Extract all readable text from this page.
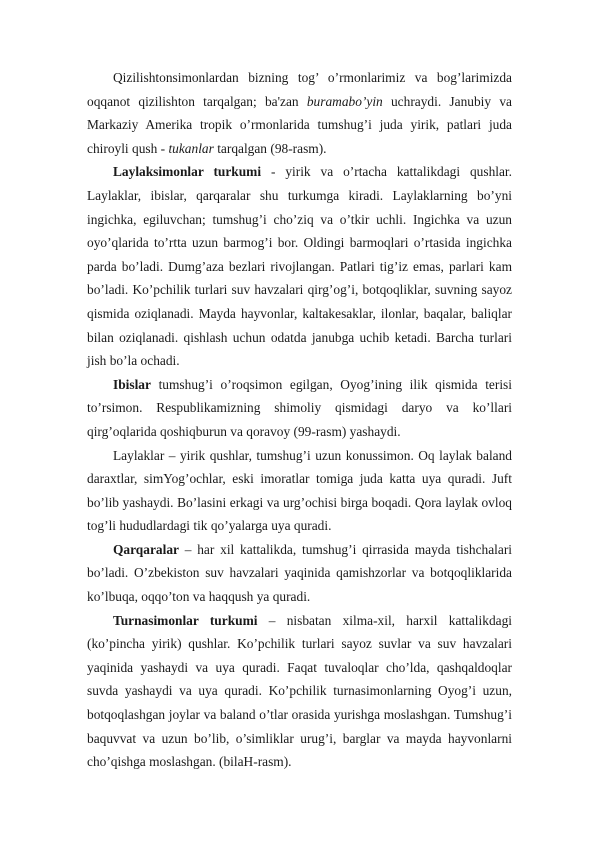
Qizilishtonsimonlardan bizning tog’ o’rmonlarimiz va bog’larimizda oqqanot qizilishton tarqalgan; ba'zan buramabo’yin uchraydi. Janubiy va Markaziy Amerika tropik o’rmonlarida tumshug’i juda yirik, patlari juda chiroyli qush - tukanlar tarqalgan (98-rasm).

Laylaksimonlar turkumi - yirik va o’rtacha kattalikdagi qushlar. Laylaklar, ibislar, qarqaralar shu turkumga kiradi. Laylaklarning bo’yni ingichka, egiluvchan; tumshug’i cho’ziq va o’tkir uchli. Ingichka va uzun oyo’qlarida to’rtta uzun barmog’i bor. Oldingi barmoqlari o’rtasida ingichka parda bo’ladi. Dumg’aza bezlari rivojlangan. Patlari tig’iz emas, parlari kam bo’ladi. Ko’pchilik turlari suv havzalari qirg’og’i, botqoqliklar, suvning sayoz qismida oziqlanadi. Mayda hayvonlar, kaltakesaklar, ilonlar, baqalar, baliqlar bilan oziqlanadi. qishlash uchun odatda janubga uchib ketadi. Barcha turlari jish bo’la ochadi.

Ibislar tumshug’i o’roqsimon egilgan, Oyog’ining ilik qismida terisi to’rsimon. Respublikamizning shimoliy qismidagi daryo va ko’llari qirg’oqlarida qoshiqburun va qoravoy (99-rasm) yashaydi.

Laylaklar – yirik qushlar, tumshug’i uzun konussimon. Oq laylak baland daraxtlar, simYog’ochlar, eski imoratlar tomiga juda katta uya quradi. Juft bo’lib yashaydi. Bo’lasini erkagi va urg’ochisi birga boqadi. Qora laylak ovloq tog’li hududlardagi tik qo’yalarga uya quradi.

Qarqaralar – har xil kattalikda, tumshug’i qirrasida mayda tishchalari bo’ladi. O’zbekiston suv havzalari yaqinida qamishzorlar va botqoqliklarida ko’lbuqa, oqqo’ton va haqqush ya quradi.

Turnasimonlar turkumi – nisbatan xilma-xil, harxil kattalikdagi (ko’pincha yirik) qushlar. Ko’pchilik turlari sayoz suvlar va suv havzalari yaqinida yashaydi va uya quradi. Faqat tuvaloqlar cho’lda, qashqaldoqlar suvda yashaydi va uya quradi. Ko’pchilik turnasimonlarning Oyog’i uzun, botqoqlashgan joylar va baland o’tlar orasida yurishga moslashgan. Tumshug’i baquvvat va uzun bo’lib, o’simliklar urug’i, barglar va mayda hayvonlarni cho’qishga moslashgan. (bilaH-rasm).
